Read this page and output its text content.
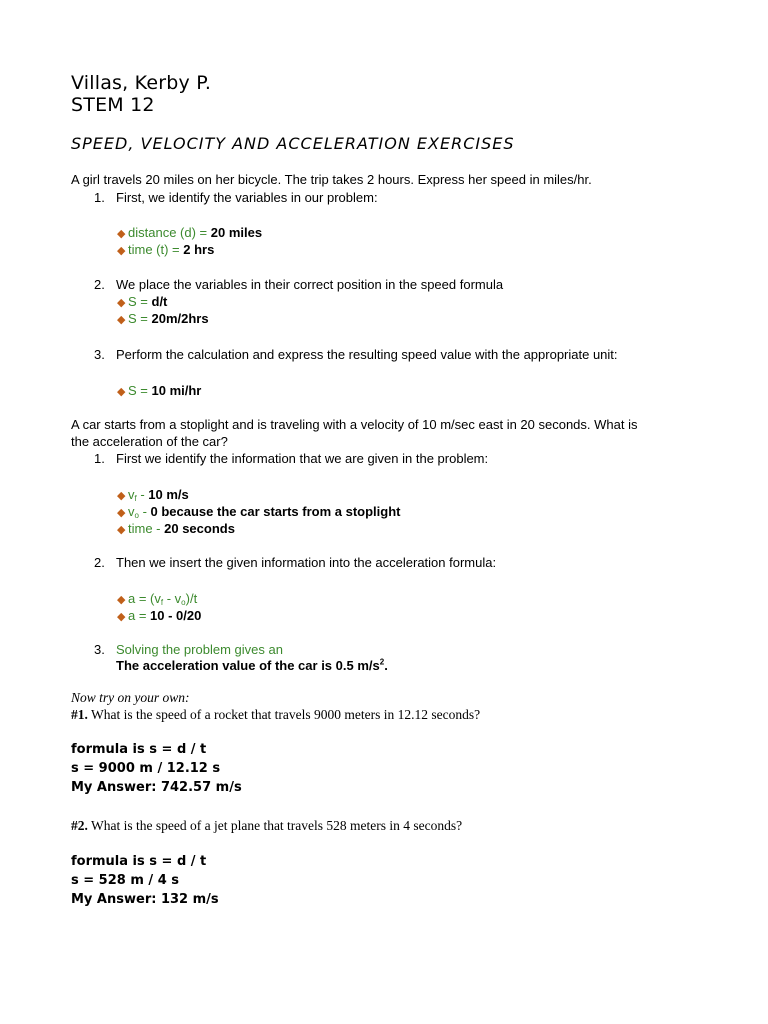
Villas, Kerby P.
STEM 12
SPEED, VELOCITY AND ACCELERATION EXERCISES
A girl travels 20 miles on her bicycle. The trip takes 2 hours. Express her speed in miles/hr.
1. First, we identify the variables in our problem:
◆ distance (d) = 20 miles
◆ time (t) = 2 hrs
2. We place the variables in their correct position in the speed formula
◆ S = d/t
◆ S = 20m/2hrs
3. Perform the calculation and express the resulting speed value with the appropriate unit:
◆ S = 10 mi/hr
A car starts from a stoplight and is traveling with a velocity of 10 m/sec east in 20 seconds. What is
the acceleration of the car?
1. First we identify the information that we are given in the problem:
◆ $v_f - 10$ m/s
◆ $v_o - 0$ because the car starts from a stoplight
◆ time - 20 seconds
2. Then we insert the given information into the acceleration formula:
◆ $a = (v_f - v_o)/t$
◆ a = 10 - 0/20
3. Solving the problem gives an
The acceleration value of the car is 0.5 $m/s^2$.
Now try on your own:
#1. What is the speed of a rocket that travels 9000 meters in 12.12 seconds?
formula is s = d / t
s = 9000 m / 12.12 s
My Answer: 742.57 m/s
#2. What is the speed of a jet plane that travels 528 meters in 4 seconds?
formula is s = d / t
s = 528 m / 4 s
My Answer: 132 m/s
